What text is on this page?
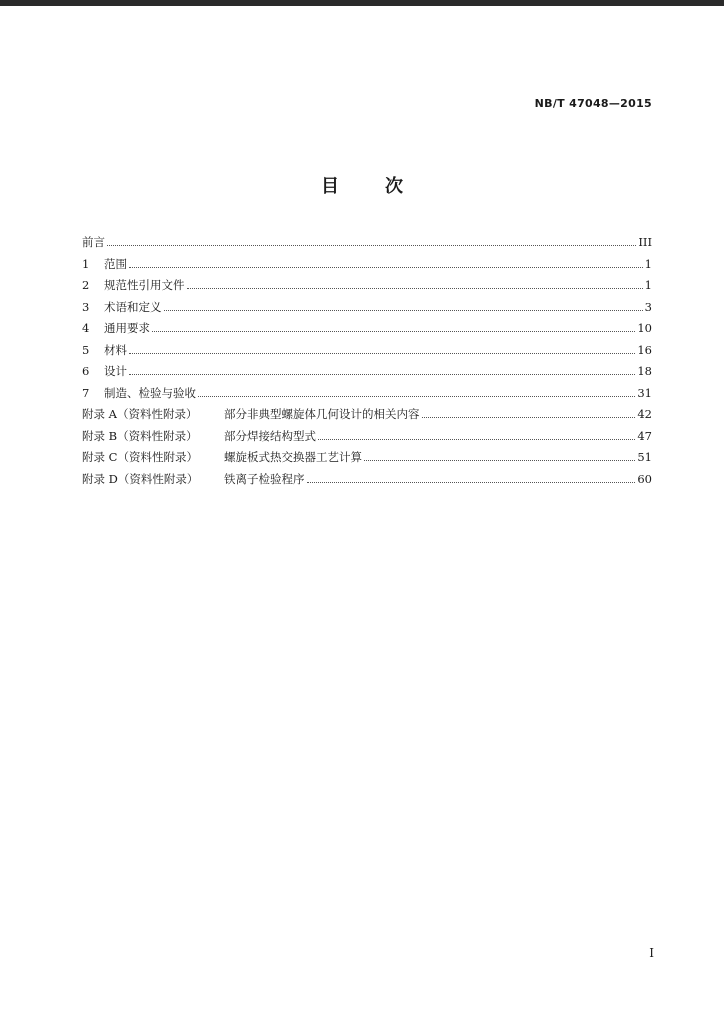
NB/T 47048—2015
目次
前言	III
1	范围	1
2	规范性引用文件	1
3	术语和定义	3
4	通用要求	10
5	材料	16
6	设计	18
7	制造、检验与验收	31
附录 A（资料性附录）	部分非典型螺旋体几何设计的相关内容	42
附录 B（资料性附录）	部分焊接结构型式	47
附录 C（资料性附录）	螺旋板式热交换器工艺计算	51
附录 D（资料性附录）	铁离子检验程序	60
I
